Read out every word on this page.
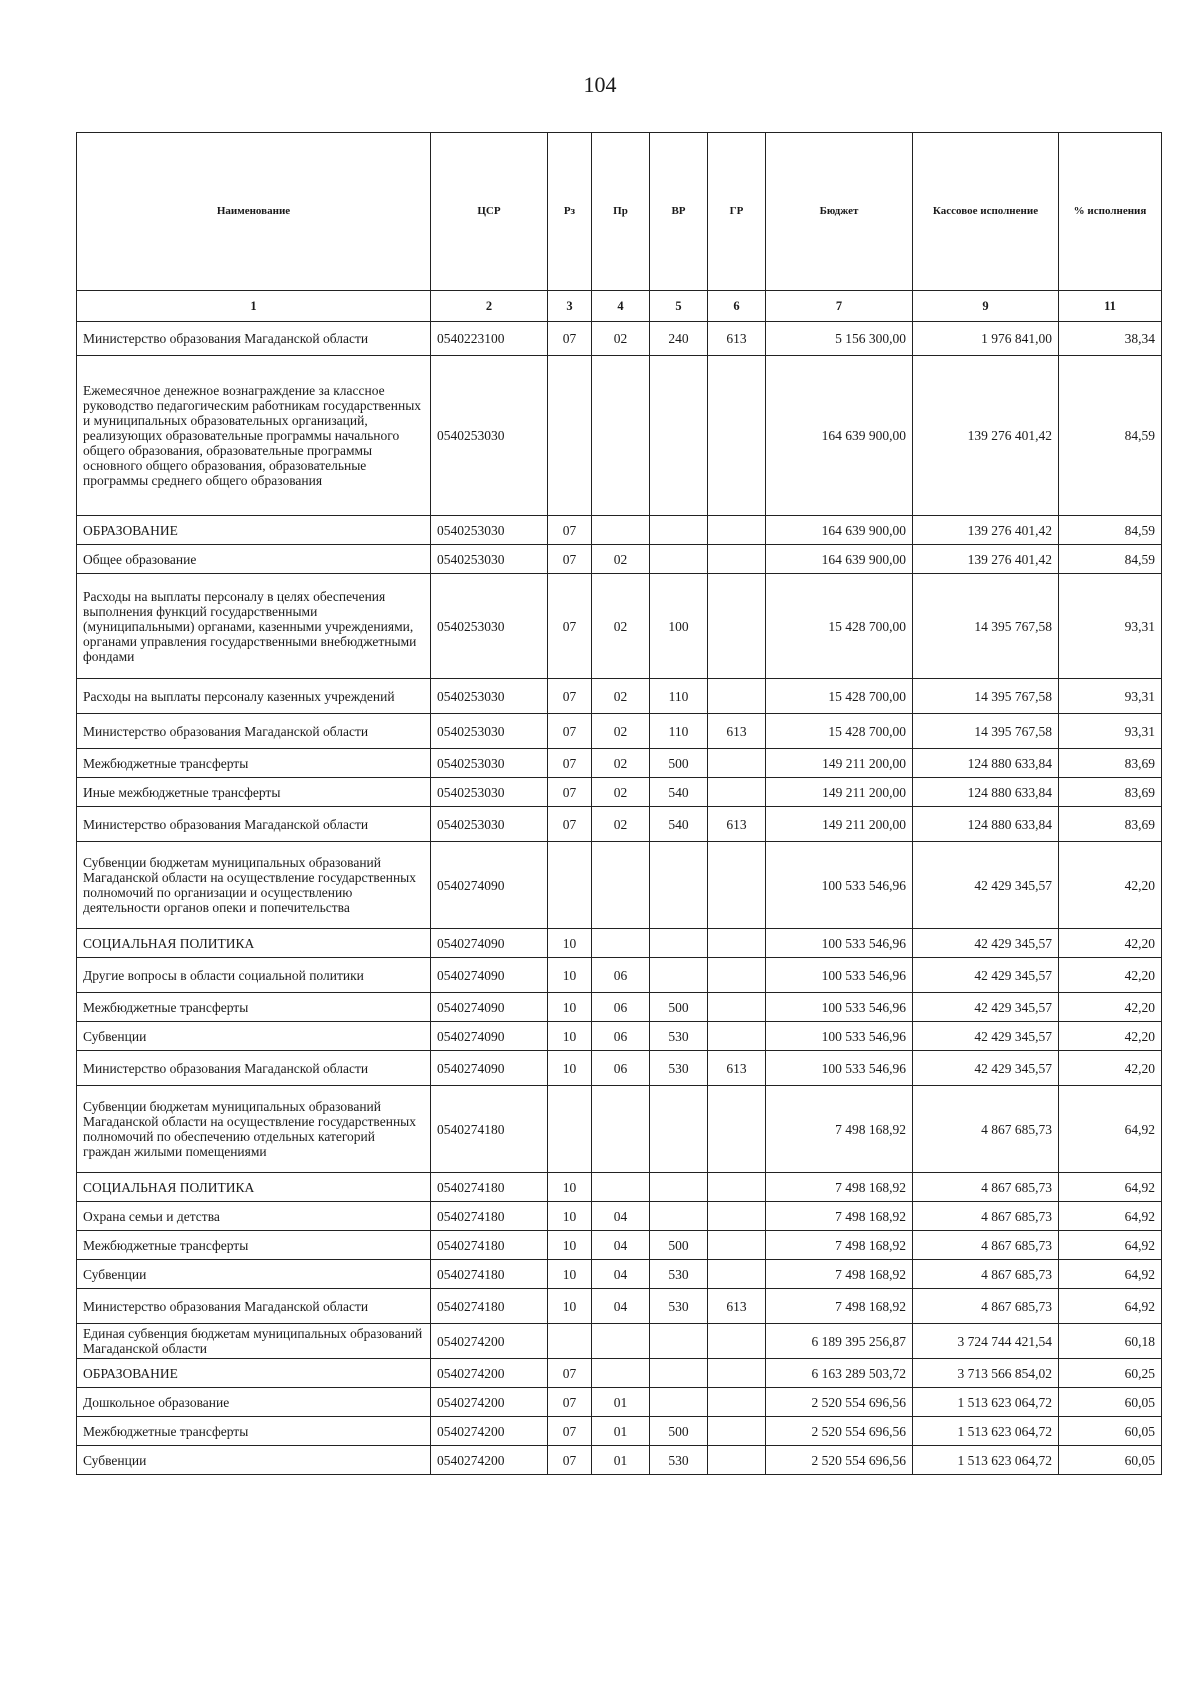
104
Наименование	ЦСР	Рз	Пр	ВР	ГР	Бюджет	Кассовое исполнение	% исполнения
1	2	3	4	5	6	7	9	11
Министерство образования Магаданской области	0540223100	07	02	240	613	5 156 300,00	1 976 841,00	38,34
Ежемесячное денежное вознаграждение за классное руководство педагогическим работникам государственных и муниципальных образовательных организаций, реализующих образовательные программы начального общего образования, образовательные программы основного общего образования, образовательные программы среднего общего образования	0540253030					164 639 900,00	139 276 401,42	84,59
ОБРАЗОВАНИЕ	0540253030	07				164 639 900,00	139 276 401,42	84,59
Общее образование	0540253030	07	02			164 639 900,00	139 276 401,42	84,59
Расходы на выплаты персоналу в целях обеспечения выполнения функций государственными (муниципальными) органами, казенными учреждениями, органами управления государственными внебюджетными фондами	0540253030	07	02	100		15 428 700,00	14 395 767,58	93,31
Расходы на выплаты персоналу казенных учреждений	0540253030	07	02	110		15 428 700,00	14 395 767,58	93,31
Министерство образования Магаданской области	0540253030	07	02	110	613	15 428 700,00	14 395 767,58	93,31
Межбюджетные трансферты	0540253030	07	02	500		149 211 200,00	124 880 633,84	83,69
Иные межбюджетные трансферты	0540253030	07	02	540		149 211 200,00	124 880 633,84	83,69
Министерство образования Магаданской области	0540253030	07	02	540	613	149 211 200,00	124 880 633,84	83,69
Субвенции бюджетам муниципальных образований Магаданской области на осуществление государственных полномочий по организации и осуществлению деятельности органов опеки и попечительства	0540274090					100 533 546,96	42 429 345,57	42,20
СОЦИАЛЬНАЯ ПОЛИТИКА	0540274090	10				100 533 546,96	42 429 345,57	42,20
Другие вопросы в области социальной политики	0540274090	10	06			100 533 546,96	42 429 345,57	42,20
Межбюджетные трансферты	0540274090	10	06	500		100 533 546,96	42 429 345,57	42,20
Субвенции	0540274090	10	06	530		100 533 546,96	42 429 345,57	42,20
Министерство образования Магаданской области	0540274090	10	06	530	613	100 533 546,96	42 429 345,57	42,20
Субвенции бюджетам муниципальных образований Магаданской области на осуществление государственных полномочий по обеспечению отдельных категорий граждан жилыми помещениями	0540274180					7 498 168,92	4 867 685,73	64,92
СОЦИАЛЬНАЯ ПОЛИТИКА	0540274180	10				7 498 168,92	4 867 685,73	64,92
Охрана семьи и детства	0540274180	10	04			7 498 168,92	4 867 685,73	64,92
Межбюджетные трансферты	0540274180	10	04	500		7 498 168,92	4 867 685,73	64,92
Субвенции	0540274180	10	04	530		7 498 168,92	4 867 685,73	64,92
Министерство образования Магаданской области	0540274180	10	04	530	613	7 498 168,92	4 867 685,73	64,92
Единая субвенция бюджетам муниципальных образований Магаданской области	0540274200					6 189 395 256,87	3 724 744 421,54	60,18
ОБРАЗОВАНИЕ	0540274200	07				6 163 289 503,72	3 713 566 854,02	60,25
Дошкольное образование	0540274200	07	01			2 520 554 696,56	1 513 623 064,72	60,05
Межбюджетные трансферты	0540274200	07	01	500		2 520 554 696,56	1 513 623 064,72	60,05
Субвенции	0540274200	07	01	530		2 520 554 696,56	1 513 623 064,72	60,05
